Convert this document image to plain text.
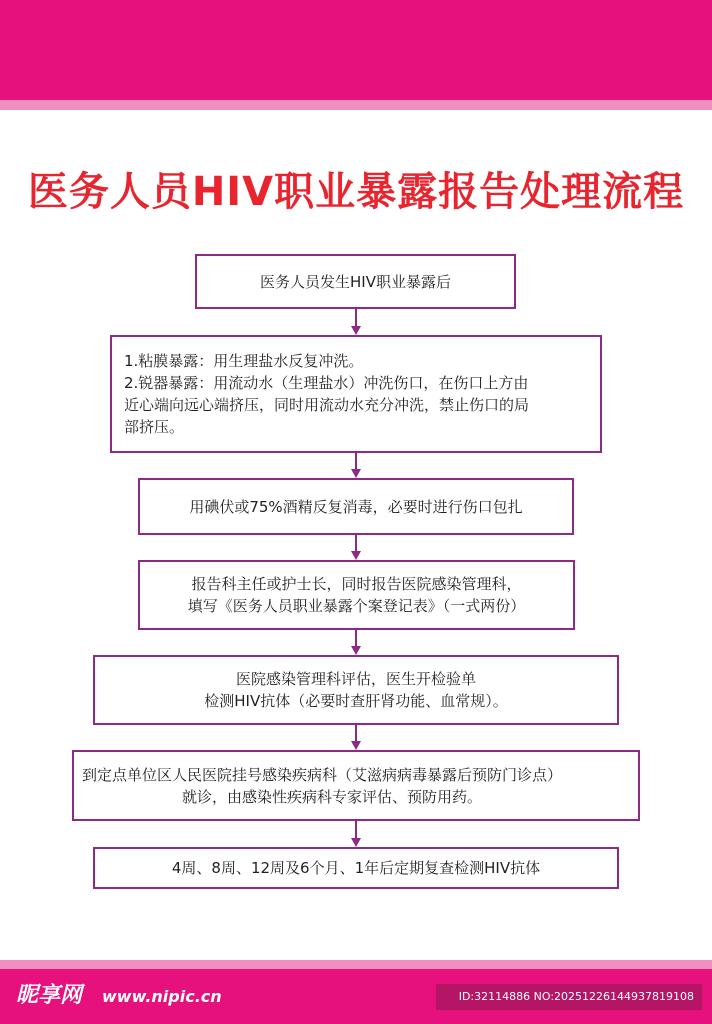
医务人员HIV职业暴露报告处理流程
医务人员发生HIV职业暴露后
1.粘膜暴露：用生理盐水反复冲洗。
2.锐器暴露：用流动水（生理盐水）冲洗伤口，在伤口上方由
近心端向远心端挤压，同时用流动水充分冲洗，禁止伤口的局
部挤压。
用碘伏或75%酒精反复消毒，必要时进行伤口包扎
报告科主任或护士长，同时报告医院感染管理科，
填写《医务人员职业暴露个案登记表》（一式两份）
医院感染管理科评估，医生开检验单
检测HIV抗体（必要时查肝肾功能、血常规）。
到定点单位区人民医院挂号感染疾病科（艾滋病病毒暴露后预防门诊点）
就诊，由感染性疾病科专家评估、预防用药。
4周、8周、12周及6个月、1年后定期复查检测HIV抗体
昵享网 www.nipic.cn	ID:32114886 NO:20251226144937819108
